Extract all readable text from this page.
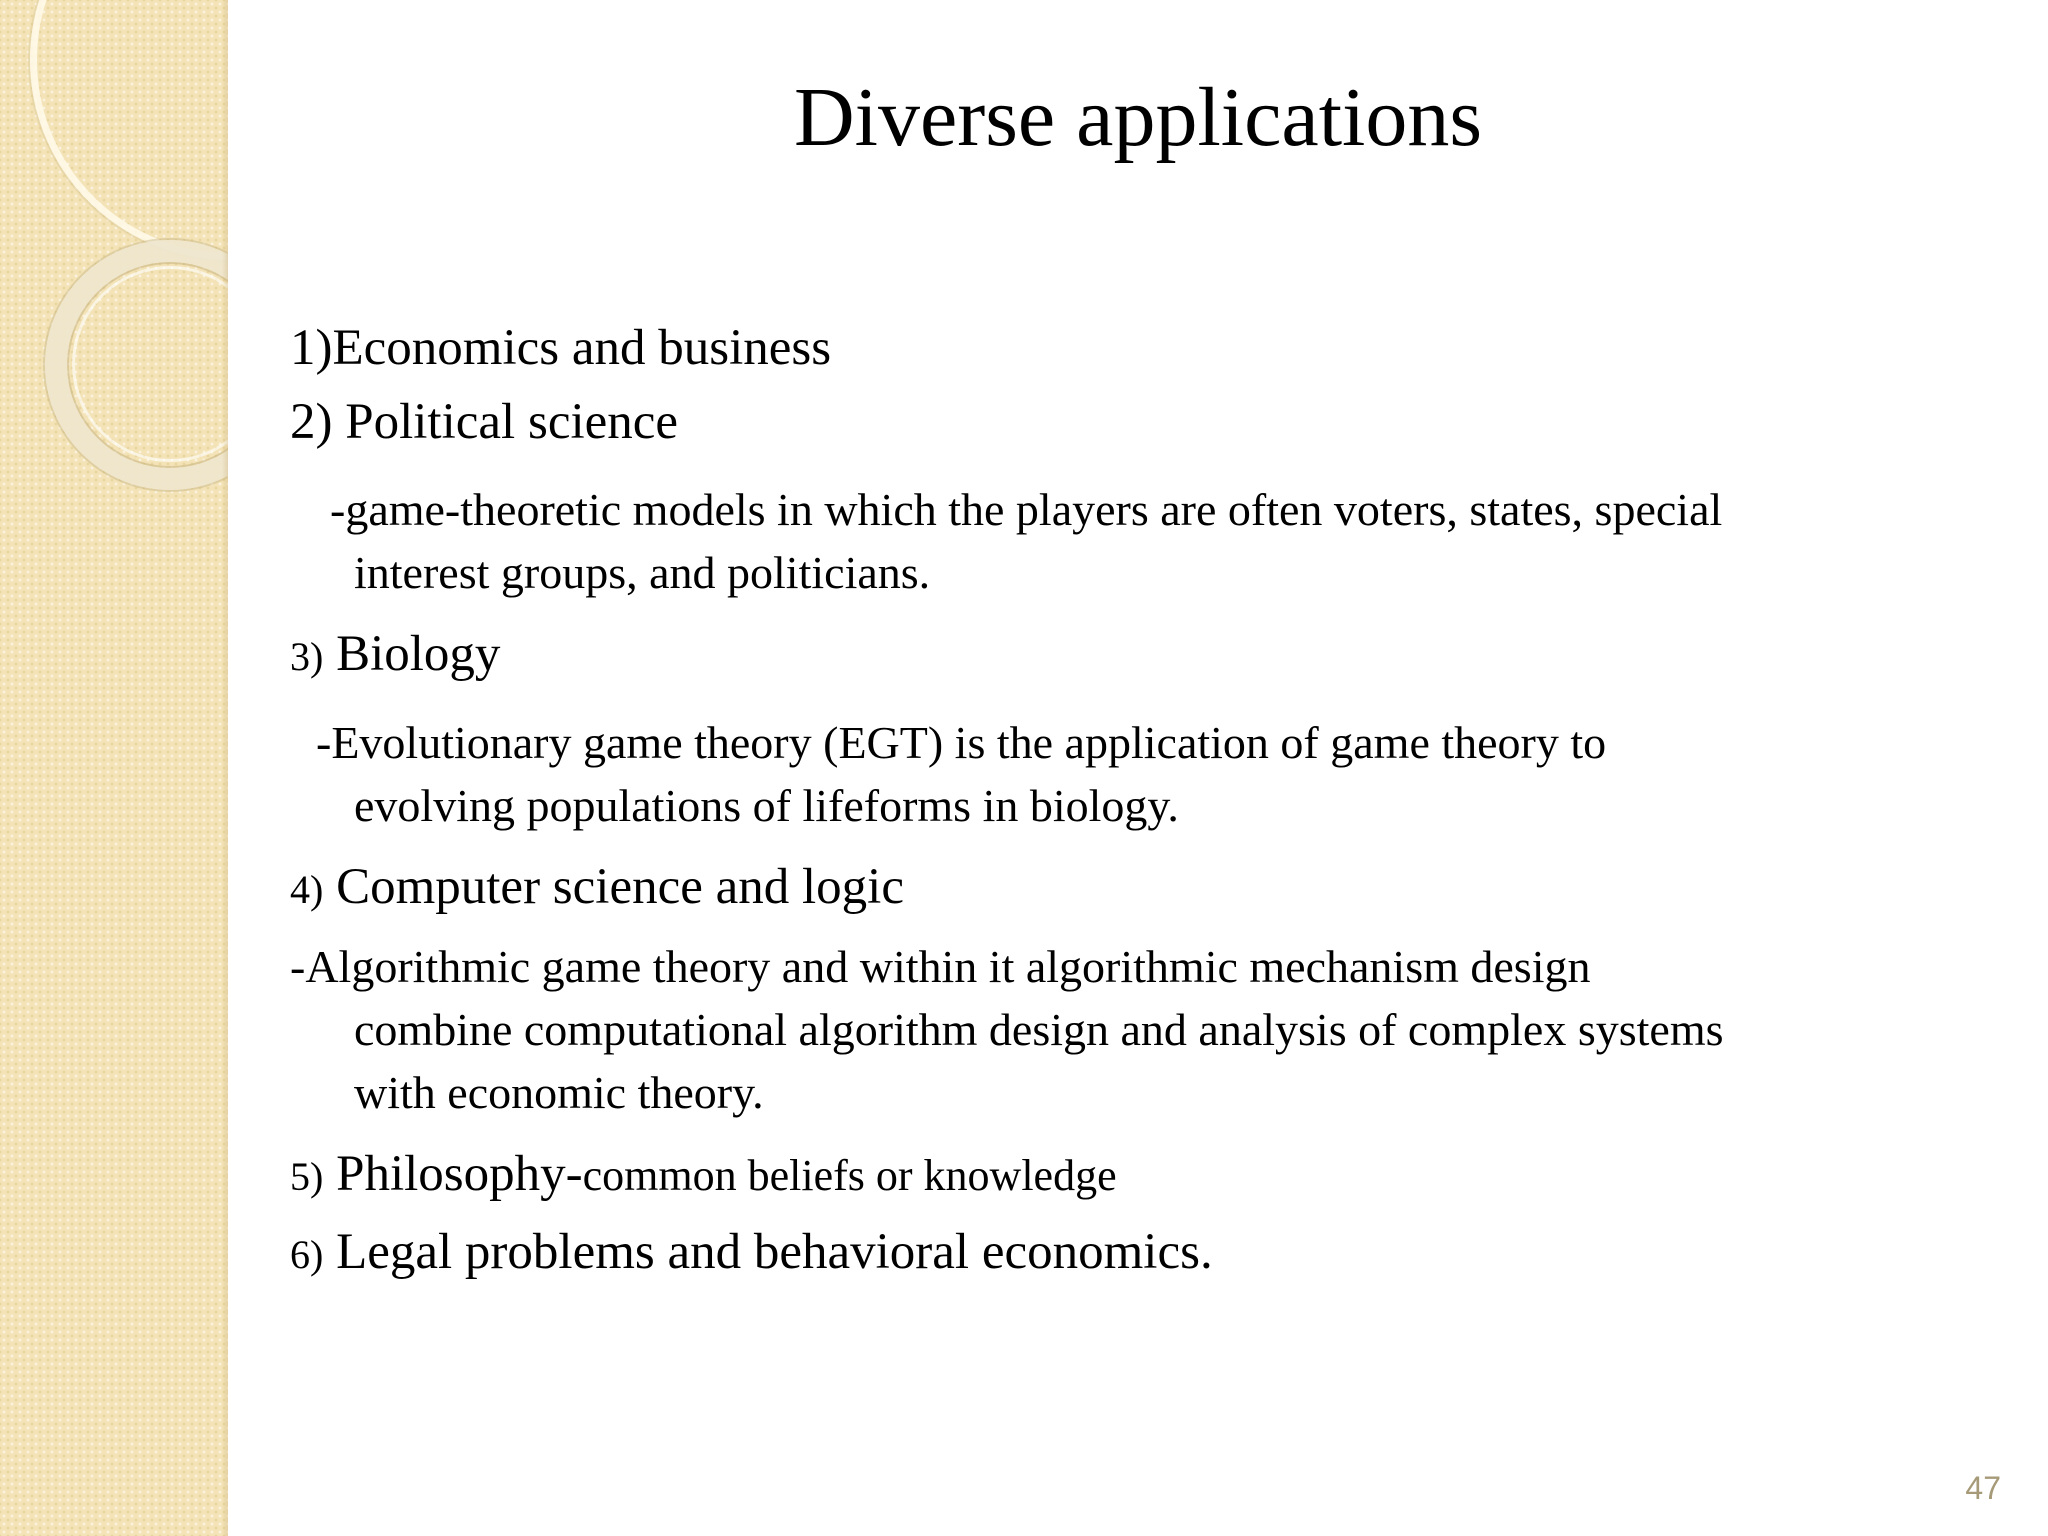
Diverse applications

1)Economics and business

2) Political science

-game-theoretic models in which the players are often voters, states, special

interest groups, and politicians.

3) Biology

-Evolutionary game theory (EGT) is the application of game theory to

evolving populations of lifeforms in biology.

4) Computer science and logic

-Algorithmic game theory and within it algorithmic mechanism design

combine computational algorithm design and analysis of complex systems

with economic theory.

5) Philosophy-common beliefs or knowledge

6) Legal problems and behavioral economics.

47
